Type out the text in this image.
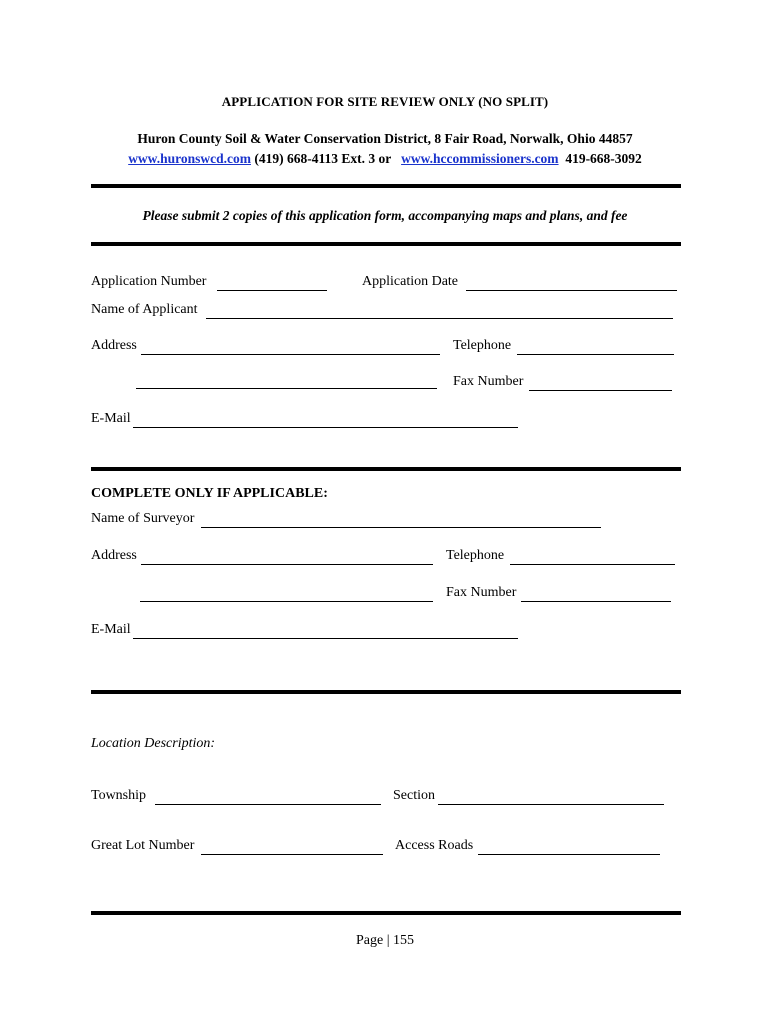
APPLICATION FOR SITE REVIEW ONLY (NO SPLIT)
Huron County Soil & Water Conservation District, 8 Fair Road, Norwalk, Ohio 44857
www.huronswcd.com (419) 668-4113 Ext. 3 or www.hccommissioners.com 419-668-3092
Please submit 2 copies of this application form, accompanying maps and plans, and fee
Application Number	Application Date
Name of Applicant
Address	Telephone
Fax Number
E-Mail
COMPLETE ONLY IF APPLICABLE:
Name of Surveyor
Address	Telephone
Fax Number
E-Mail
Location Description:
Township	Section
Great Lot Number	Access Roads
Page | 155
